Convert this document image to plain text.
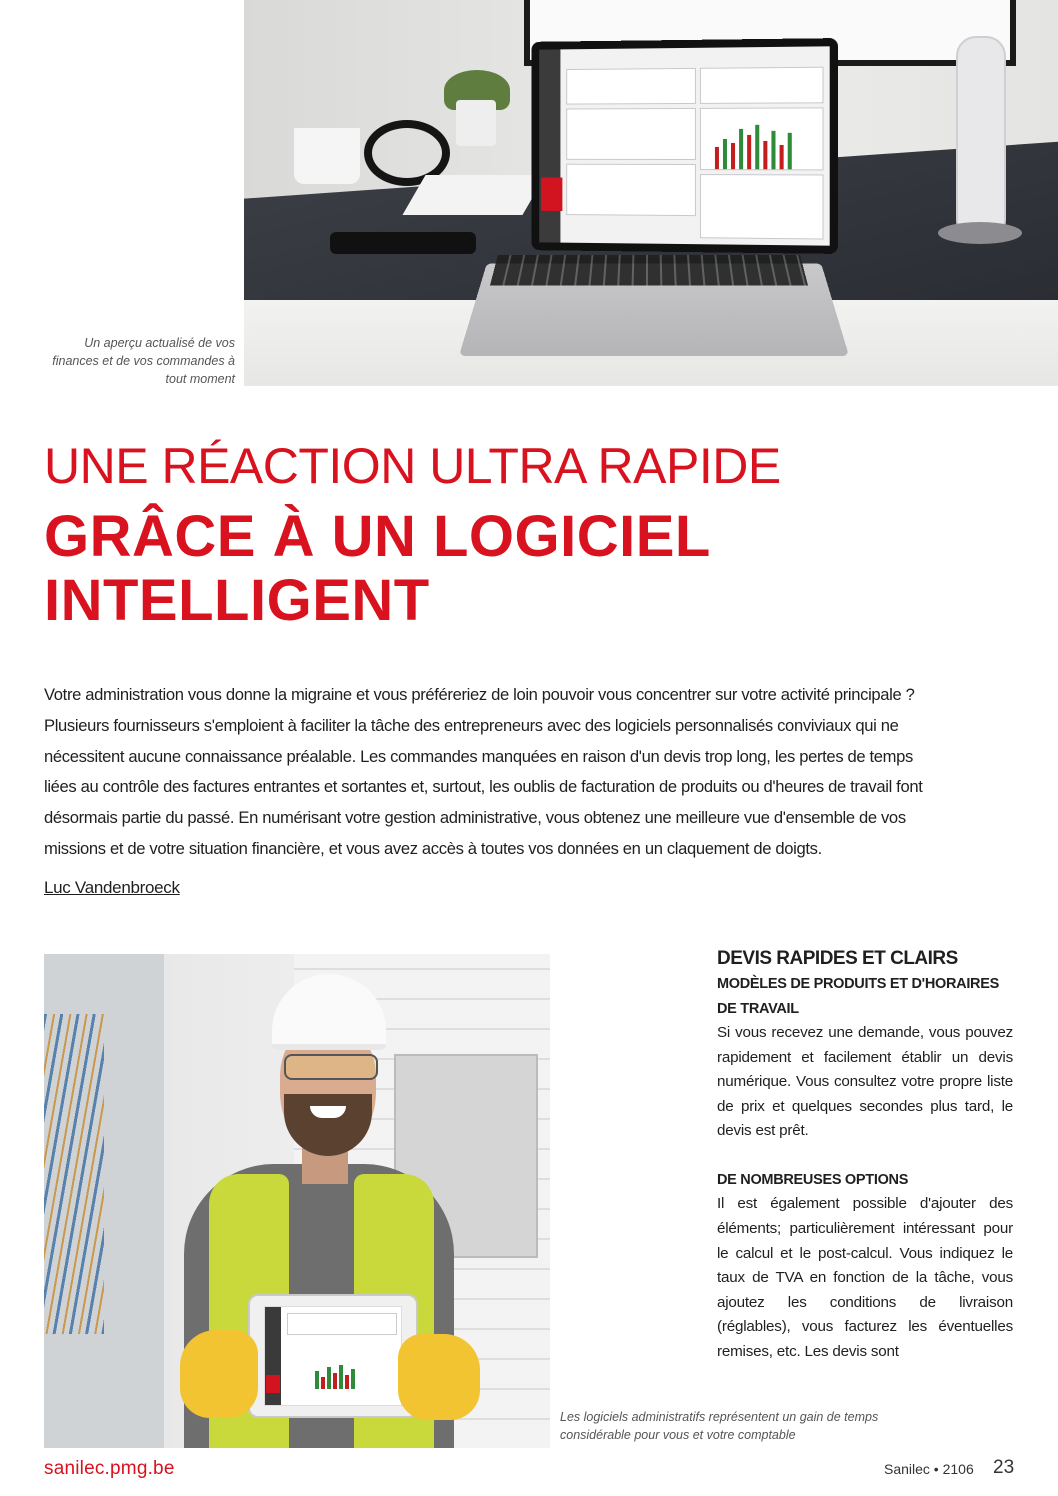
Un aperçu actualisé de vos finances et de vos commandes à tout moment
UNE RÉACTION ULTRA RAPIDE
GRÂCE À UN LOGICIEL INTELLIGENT
Votre administration vous donne la migraine et vous préféreriez de loin pouvoir vous concentrer sur votre activité principale ? Plusieurs fournisseurs s'emploient à faciliter la tâche des entrepreneurs avec des logiciels personnalisés conviviaux qui ne nécessitent aucune connaissance préalable. Les commandes manquées en raison d'un devis trop long, les pertes de temps liées au contrôle des factures entrantes et sortantes et, surtout, les oublis de facturation de produits ou d'heures de travail font désormais partie du passé. En numérisant votre gestion administrative, vous obtenez une meilleure vue d'ensemble de vos missions et de votre situation financière, et vous avez accès à toutes vos données en un claquement de doigts.
Luc Vandenbroeck
Les logiciels administratifs représentent un gain de temps considérable pour vous et votre comptable
DEVIS RAPIDES ET CLAIRS
MODÈLES DE PRODUITS ET D'HORAIRES DE TRAVAIL

Si vous recevez une demande, vous pouvez rapidement et facilement établir un devis numérique. Vous consultez votre propre liste de prix et quelques secondes plus tard, le devis est prêt.

DE NOMBREUSES OPTIONS

Il est également possible d'ajouter des éléments; particulièrement intéressant pour le calcul et le post-calcul. Vous indiquez le taux de TVA en fonction de la tâche, vous ajoutez les conditions de livraison (réglables), vous facturez les éventuelles remises, etc. Les devis sont

sanilec.pmg.be	Sanilec • 2106 23
